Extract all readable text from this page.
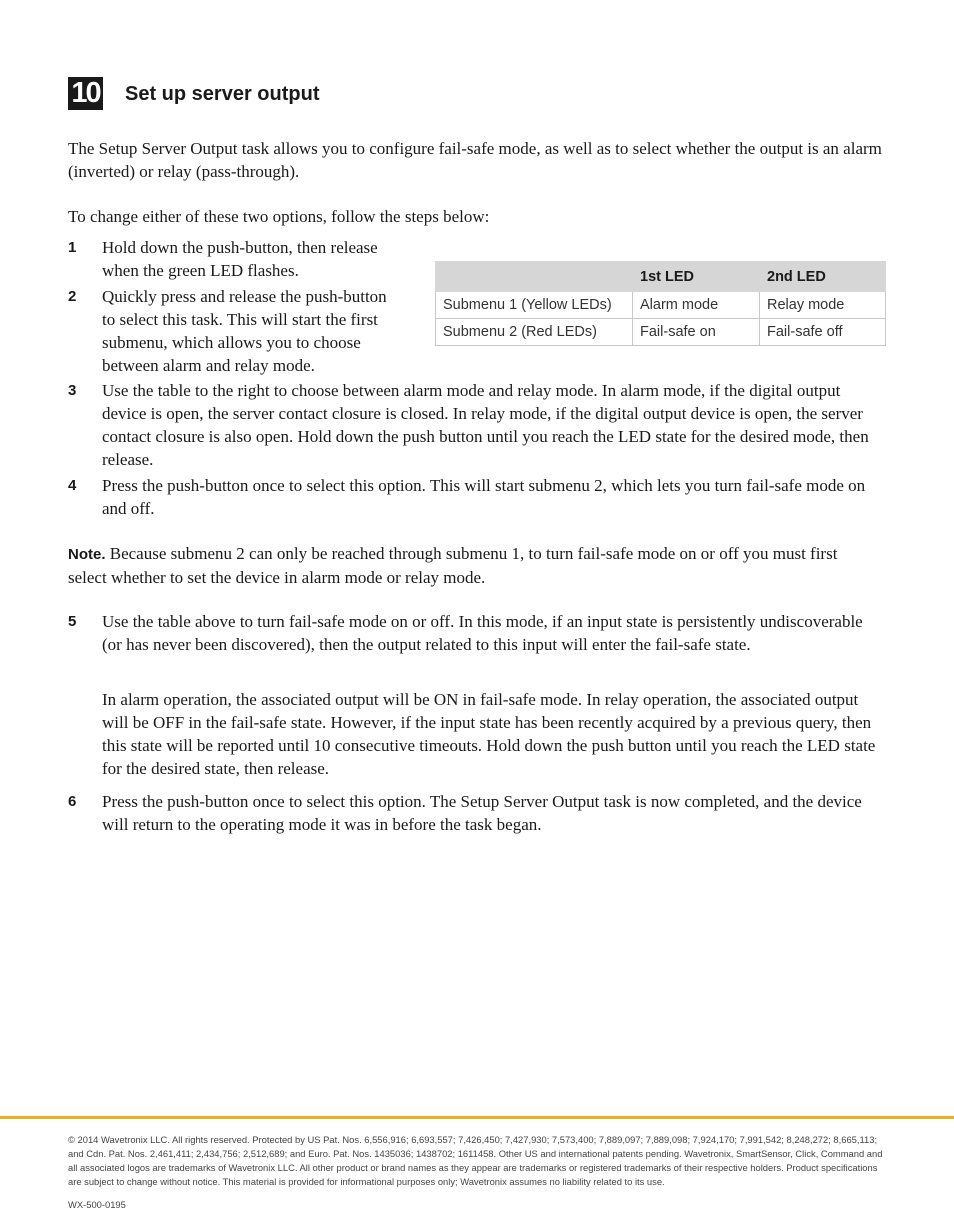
10 Set up server output

The Setup Server Output task allows you to configure fail-safe mode, as well as to select whether the output is an alarm (inverted) or relay (pass-through).

To change either of these two options, follow the steps below:

1 Hold down the push-button, then release when the green LED flashes.

2 Quickly press and release the push-button to select this task. This will start the first submenu, which allows you to choose between alarm and relay mode.

	1st LED	2nd LED
Submenu 1 (Yellow LEDs)	Alarm mode	Relay mode
Submenu 2 (Red LEDs)	Fail-safe on	Fail-safe off
3 Use the table to the right to choose between alarm mode and relay mode. In alarm mode, if the digital output device is open, the server contact closure is closed. In relay mode, if the digital output device is open, the server contact closure is also open. Hold down the push button until you reach the LED state for the desired mode, then release.

4 Press the push-button once to select this option. This will start submenu 2, which lets you turn fail-safe mode on and off.

Note. Because submenu 2 can only be reached through submenu 1, to turn fail-safe mode on or off you must first select whether to set the device in alarm mode or relay mode.

5 Use the table above to turn fail-safe mode on or off. In this mode, if an input state is persistently undiscoverable (or has never been discovered), then the output related to this input will enter the fail-safe state.

In alarm operation, the associated output will be ON in fail-safe mode. In relay operation, the associated output will be OFF in the fail-safe state. However, if the input state has been recently acquired by a previous query, then this state will be reported until 10 consecutive timeouts. Hold down the push button until you reach the LED state for the desired state, then release.

6 Press the push-button once to select this option. The Setup Server Output task is now completed, and the device will return to the operating mode it was in before the task began.

© 2014 Wavetronix LLC. All rights reserved. Protected by US Pat. Nos. 6,556,916; 6,693,557; 7,426,450; 7,427,930; 7,573,400; 7,889,097; 7,889,098; 7,924,170; 7,991,542; 8,248,272; 8,665,113; and Cdn. Pat. Nos. 2,461,411; 2,434,756; 2,512,689; and Euro. Pat. Nos. 1435036; 1438702; 1611458. Other US and international patents pending. Wavetronix, SmartSensor, Click, Command and all associated logos are trademarks of Wavetronix LLC. All other product or brand names as they appear are trademarks or registered trademarks of their respective holders. Product specifications are subject to change without notice. This material is provided for informational purposes only; Wavetronix assumes no liability related to its use.

WX-500-0195
